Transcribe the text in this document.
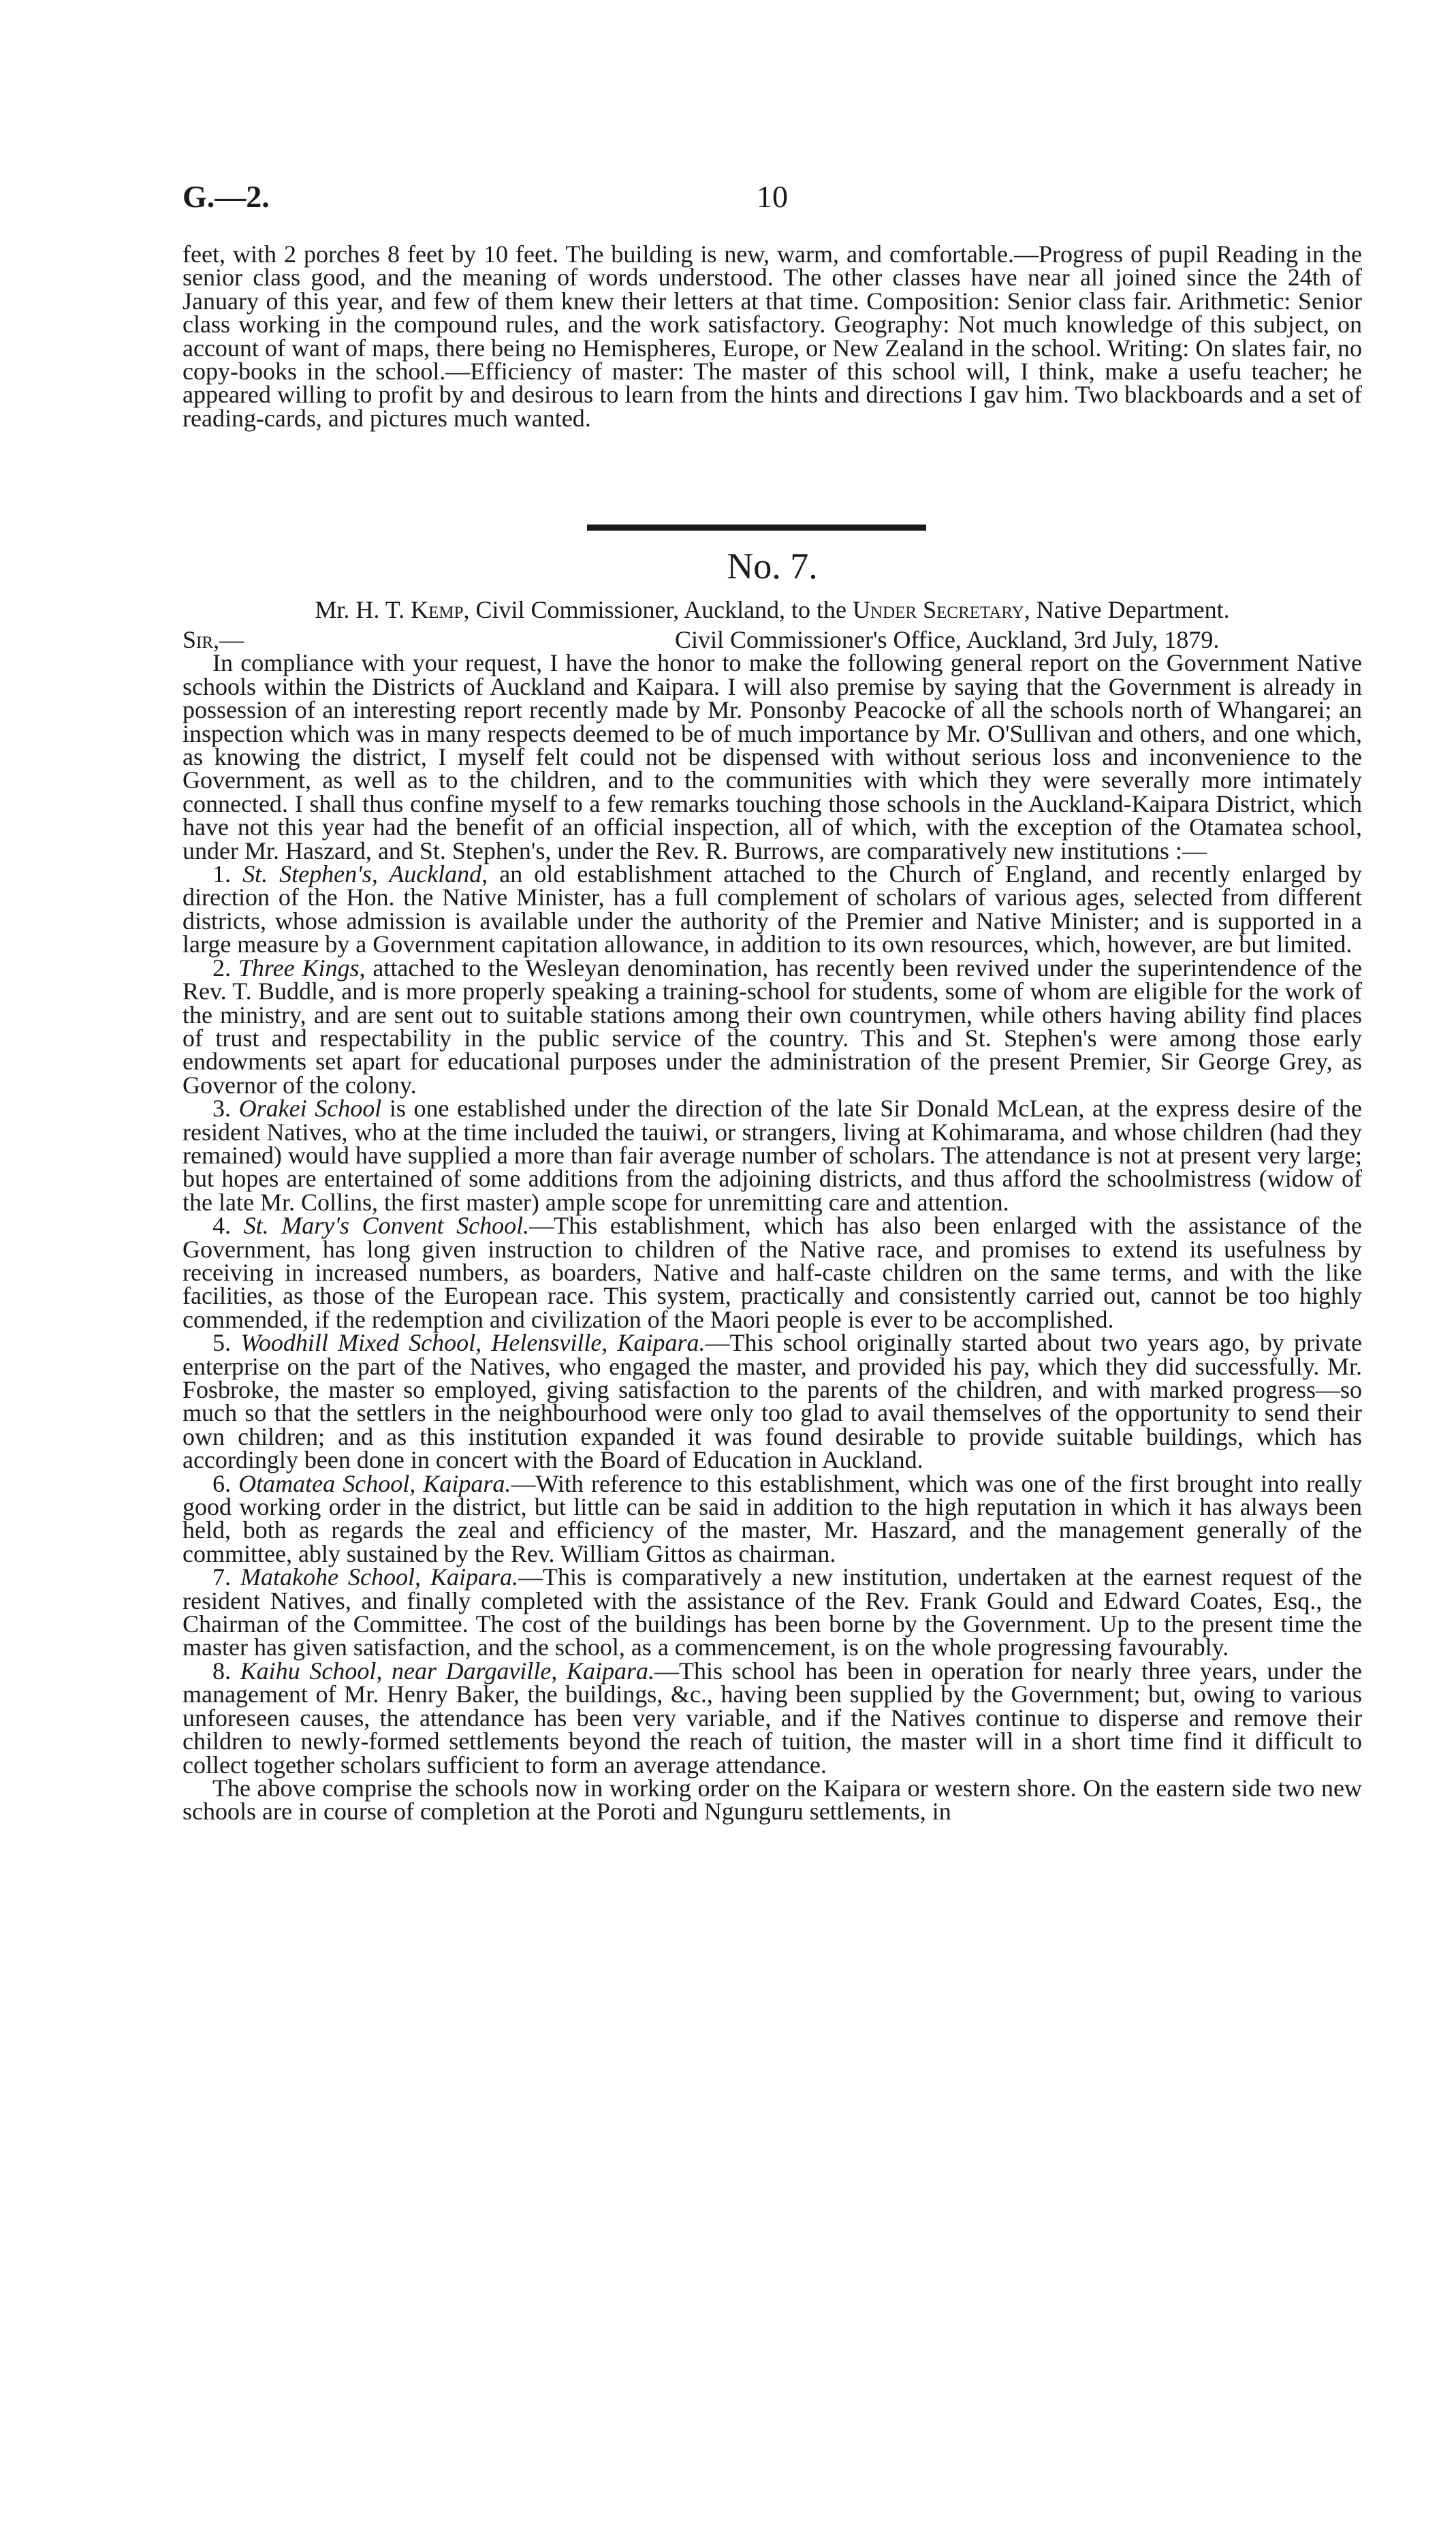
10
G.—2.

feet, with 2 porches 8 feet by 10 feet. The building is new, warm, and comfortable.—Progress of pupil Reading in the senior class good, and the meaning of words understood. The other classes have near all joined since the 24th of January of this year, and few of them knew their letters at that time. Composition: Senior class fair. Arithmetic: Senior class working in the compound rules, and the work satisfactory. Geography: Not much knowledge of this subject, on account of want of maps, there being no Hemispheres, Europe, or New Zealand in the school. Writing: On slates fair, no copy-books in the school.—Efficiency of master: The master of this school will, I think, make a usefu teacher; he appeared willing to profit by and desirous to learn from the hints and directions I gav him. Two blackboards and a set of reading-cards, and pictures much wanted.

No. 7.

Mr. H. T. Kemp, Civil Commissioner, Auckland, to the Under Secretary, Native Department.

Sir,—	Civil Commissioner's Office, Auckland, 3rd July, 1879.

In compliance with your request, I have the honor to make the following general report on the Government Native schools within the Districts of Auckland and Kaipara. I will also premise by saying that the Government is already in possession of an interesting report recently made by Mr. Ponsonby Peacocke of all the schools north of Whangarei; an inspection which was in many respects deemed to be of much importance by Mr. O'Sullivan and others, and one which, as knowing the district, I myself felt could not be dispensed with without serious loss and inconvenience to the Government, as well as to the children, and to the communities with which they were severally more intimately connected. I shall thus confine myself to a few remarks touching those schools in the Auckland-Kaipara District, which have not this year had the benefit of an official inspection, all of which, with the exception of the Otamatea school, under Mr. Haszard, and St. Stephen's, under the Rev. R. Burrows, are comparatively new institutions :—

1. St. Stephen's, Auckland, an old establishment attached to the Church of England, and recently enlarged by direction of the Hon. the Native Minister, has a full complement of scholars of various ages, selected from different districts, whose admission is available under the authority of the Premier and Native Minister; and is supported in a large measure by a Government capitation allowance, in addition to its own resources, which, however, are but limited.

2. Three Kings, attached to the Wesleyan denomination, has recently been revived under the superintendence of the Rev. T. Buddle, and is more properly speaking a training-school for students, some of whom are eligible for the work of the ministry, and are sent out to suitable stations among their own countrymen, while others having ability find places of trust and respectability in the public service of the country. This and St. Stephen's were among those early endowments set apart for educational purposes under the administration of the present Premier, Sir George Grey, as Governor of the colony.

3. Orakei School is one established under the direction of the late Sir Donald McLean, at the express desire of the resident Natives, who at the time included the tauiwi, or strangers, living at Kohimarama, and whose children (had they remained) would have supplied a more than fair average number of scholars. The attendance is not at present very large; but hopes are entertained of some additions from the adjoining districts, and thus afford the schoolmistress (widow of the late Mr. Collins, the first master) ample scope for unremitting care and attention.

4. St. Mary's Convent School.—This establishment, which has also been enlarged with the assistance of the Government, has long given instruction to children of the Native race, and promises to extend its usefulness by receiving in increased numbers, as boarders, Native and half-caste children on the same terms, and with the like facilities, as those of the European race. This system, practically and consistently carried out, cannot be too highly commended, if the redemption and civilization of the Maori people is ever to be accomplished.

5. Woodhill Mixed School, Helensville, Kaipara.—This school originally started about two years ago, by private enterprise on the part of the Natives, who engaged the master, and provided his pay, which they did successfully. Mr. Fosbroke, the master so employed, giving satisfaction to the parents of the children, and with marked progress—so much so that the settlers in the neighbourhood were only too glad to avail themselves of the opportunity to send their own children; and as this institution expanded it was found desirable to provide suitable buildings, which has accordingly been done in concert with the Board of Education in Auckland.

6. Otamatea School, Kaipara.—With reference to this establishment, which was one of the first brought into really good working order in the district, but little can be said in addition to the high reputation in which it has always been held, both as regards the zeal and efficiency of the master, Mr. Haszard, and the management generally of the committee, ably sustained by the Rev. William Gittos as chairman.

7. Matakohe School, Kaipara.—This is comparatively a new institution, undertaken at the earnest request of the resident Natives, and finally completed with the assistance of the Rev. Frank Gould and Edward Coates, Esq., the Chairman of the Committee. The cost of the buildings has been borne by the Government. Up to the present time the master has given satisfaction, and the school, as a commencement, is on the whole progressing favourably.

8. Kaihu School, near Dargaville, Kaipara.—This school has been in operation for nearly three years, under the management of Mr. Henry Baker, the buildings, &c., having been supplied by the Government; but, owing to various unforeseen causes, the attendance has been very variable, and if the Natives continue to disperse and remove their children to newly-formed settlements beyond the reach of tuition, the master will in a short time find it difficult to collect together scholars sufficient to form an average attendance.

The above comprise the schools now in working order on the Kaipara or western shore. On the eastern side two new schools are in course of completion at the Poroti and Ngunguru settlements, in
